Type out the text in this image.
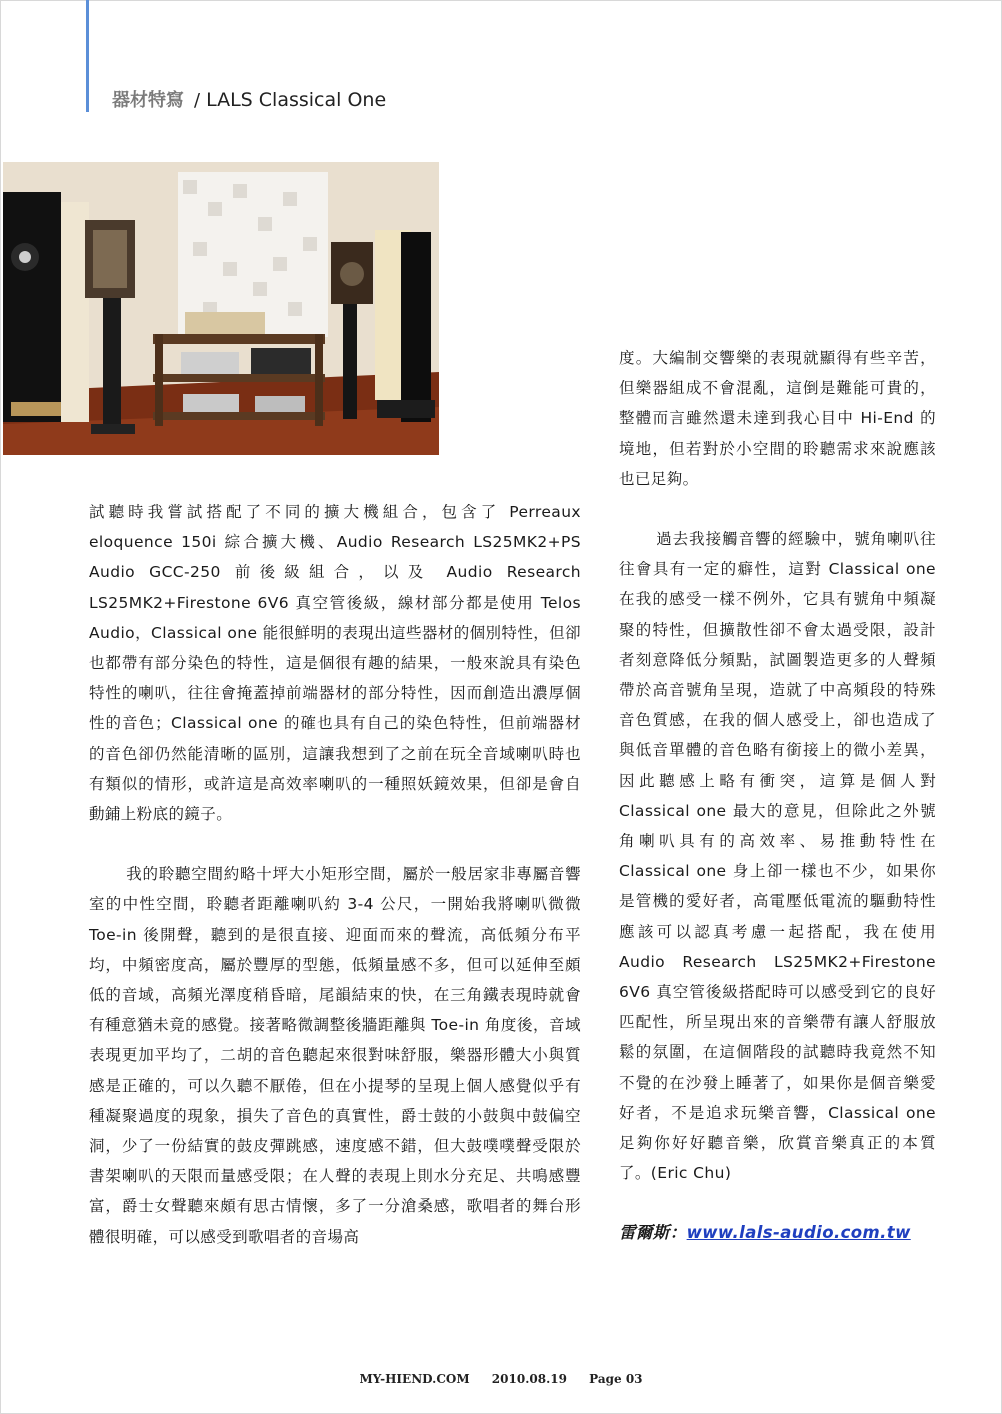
器材特寫 / LALS Classical One

試聽時我嘗試搭配了不同的擴大機組合，包含了 Perreaux eloquence 150i 綜合擴大機、Audio Research LS25MK2+PS Audio GCC-250 前後級組合，以及 Audio Research LS25MK2+Firestone 6V6 真空管後級，線材部分都是使用 Telos Audio，Classical one 能很鮮明的表現出這些器材的個別特性，但卻也都帶有部分染色的特性，這是個很有趣的結果，一般來說具有染色特性的喇叭，往往會掩蓋掉前端器材的部分特性，因而創造出濃厚個性的音色；Classical one 的確也具有自己的染色特性，但前端器材的音色卻仍然能清晰的區別，這讓我想到了之前在玩全音域喇叭時也有類似的情形，或許這是高效率喇叭的一種照妖鏡效果，但卻是會自動鋪上粉底的鏡子。

我的聆聽空間約略十坪大小矩形空間，屬於一般居家非專屬音響室的中性空間，聆聽者距離喇叭約 3-4 公尺，一開始我將喇叭微微 Toe-in 後開聲，聽到的是很直接、迎面而來的聲流，高低頻分布平均，中頻密度高，屬於豐厚的型態，低頻量感不多，但可以延伸至頗低的音域，高頻光澤度稍昏暗，尾韻結束的快，在三角鐵表現時就會有種意猶未竟的感覺。接著略微調整後牆距離與 Toe-in 角度後，音域表現更加平均了，二胡的音色聽起來很對味舒服，樂器形體大小與質感是正確的，可以久聽不厭倦，但在小提琴的呈現上個人感覺似乎有種凝聚過度的現象，損失了音色的真實性，爵士鼓的小鼓與中鼓偏空洞，少了一份結實的鼓皮彈跳感，速度感不錯，但大鼓噗噗聲受限於書架喇叭的天限而量感受限；在人聲的表現上則水分充足、共鳴感豐富，爵士女聲聽來頗有思古情懷，多了一分滄桑感，歌唱者的舞台形體很明確，可以感受到歌唱者的音場高

度。大編制交響樂的表現就顯得有些辛苦，但樂器組成不會混亂，這倒是難能可貴的，整體而言雖然還未達到我心目中 Hi-End 的境地，但若對於小空間的聆聽需求來說應該也已足夠。

過去我接觸音響的經驗中，號角喇叭往往會具有一定的癖性，這對 Classical one 在我的感受一樣不例外，它具有號角中頻凝聚的特性，但擴散性卻不會太過受限，設計者刻意降低分頻點，試圖製造更多的人聲頻帶於高音號角呈現，造就了中高頻段的特殊音色質感，在我的個人感受上，卻也造成了與低音單體的音色略有銜接上的微小差異，因此聽感上略有衝突，這算是個人對 Classical one 最大的意見，但除此之外號角喇叭具有的高效率、易推動特性在 Classical one 身上卻一樣也不少，如果你是管機的愛好者，高電壓低電流的驅動特性應該可以認真考慮一起搭配，我在使用 Audio Research LS25MK2+Firestone 6V6 真空管後級搭配時可以感受到它的良好匹配性，所呈現出來的音樂帶有讓人舒服放鬆的氛圍，在這個階段的試聽時我竟然不知不覺的在沙發上睡著了，如果你是個音樂愛好者，不是追求玩樂音響，Classical one 足夠你好好聽音樂，欣賞音樂真正的本質了。(Eric Chu)

雷爾斯：www.lals-audio.com.tw
MY-HIEND.COM 2010.08.19 Page 03
